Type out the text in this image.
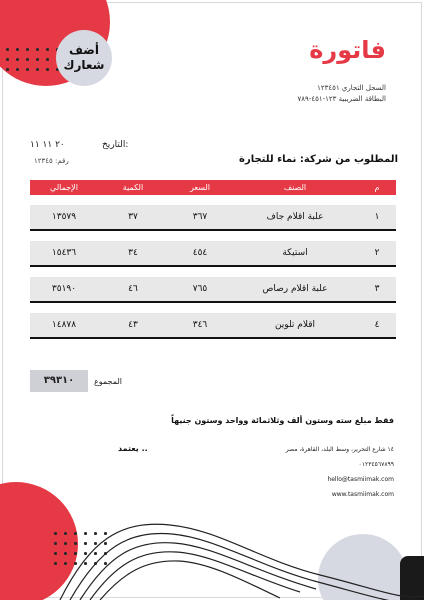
أضف
شعارك
فاتورة
السجل التجاري ١٢٣٤٥١
البطاقة الضريبية ١٢٣-٤٥١-٧٨٩
٢٠ ١١ ١١	التاريخ:
رقم: ١٢٣٤٥	المطلوب من شركة: نماء للتجارة
الإجمالي	الكمية	السعر	الصنف	م

١٣٥٧٩	٣٧	٣٦٧	علبة اقلام جاف	١

١٥٤٣٦	٣٤	٤٥٤	استيكة	٢

٣٥١٩٠	٤٦	٧٦٥	علبة اقلام رصاص	٣

١٤٨٧٨	٤٣	٣٤٦	اقلام تلوين	٤
٣٩٣١٠	المجموع
فقط مبلغ سته وستون ألف وثلاثمائة وواحد وستون جنيهاً
يعتمد ..	١٤ شارع التحرير، وسط البلد، القاهرة، مصر
٠١٢٣٤٥٦٧٨٩٩
hello@tasmiimak.com
www.tasmiimak.com
